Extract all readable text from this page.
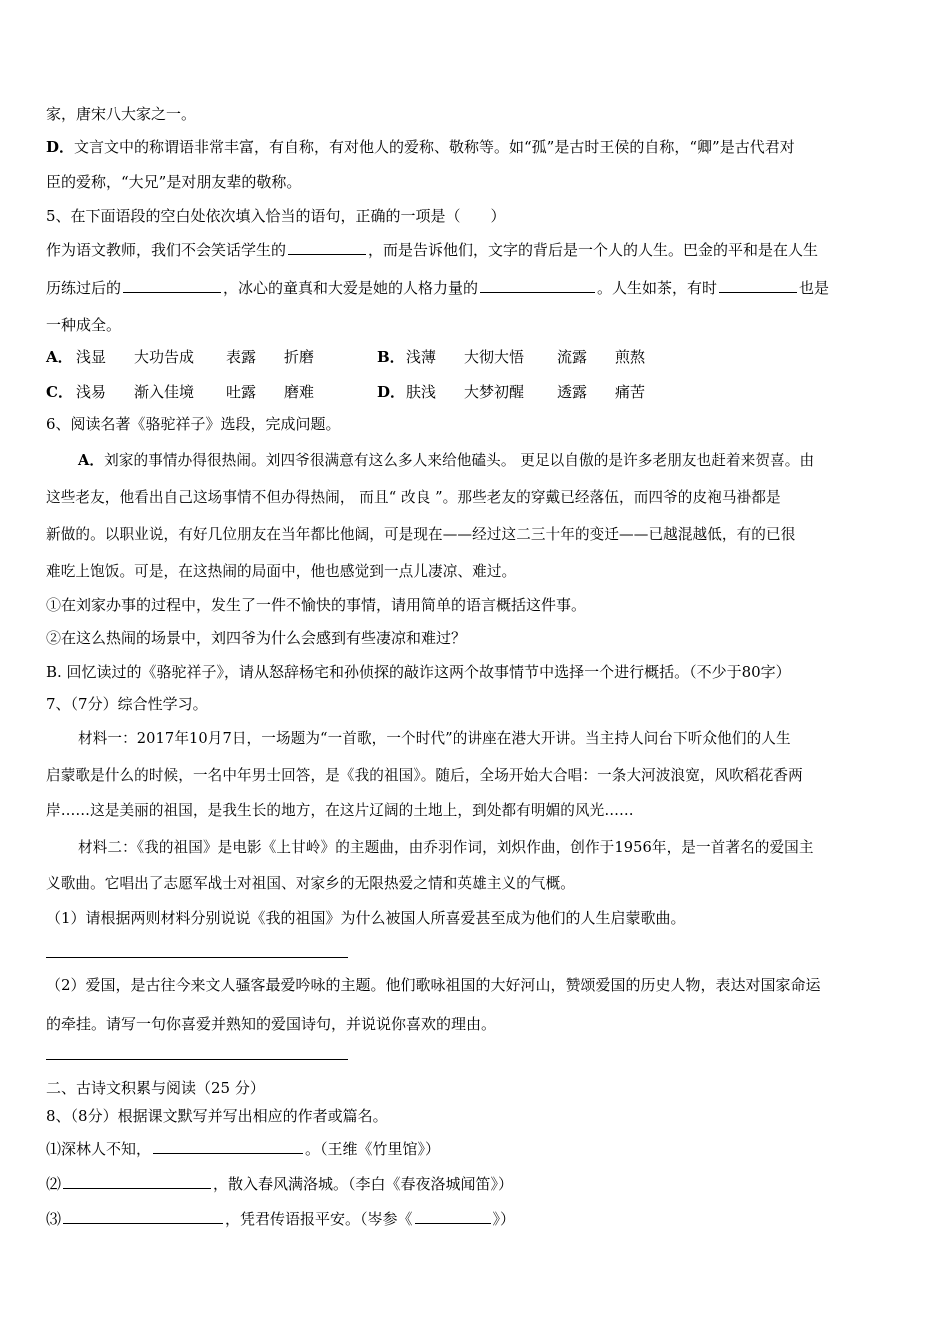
家，唐宋八大家之一。
D．文言文中的称谓语非常丰富，有自称，有对他人的爱称、敬称等。如“孤”是古时王侯的自称，“卿”是古代君对
臣的爱称，“大兄”是对朋友辈的敬称。
5、在下面语段的空白处依次填入恰当的语句，正确的一项是（　　）
作为语文教师，我们不会笑话学生的	，而是告诉他们，文字的背后是一个人的人生。巴金的平和是在人生
历练过后的	，冰心的童真和大爱是她的人格力量的	。人生如茶，有时	也是
一种成全。
A． 浅显 大功告成 表露 折磨	B． 浅薄 大彻大悟 流露 煎熬
C． 浅易 渐入佳境 吐露 磨难	D． 肤浅 大梦初醒 透露 痛苦
6、阅读名著《骆驼祥子》选段，完成问题。
A．刘家的事情办得很热闹。刘四爷很满意有这么多人来给他磕头。 更足以自傲的是许多老朋友也赶着来贺喜。由
这些老友，他看出自己这场事情不但办得热闹， 而且“ 改良 ”。那些老友的穿戴已经落伍，而四爷的皮袍马褂都是
新做的。以职业说，有好几位朋友在当年都比他阔，可是现在——经过这二三十年的变迁——已越混越低，有的已很
难吃上饱饭。可是，在这热闹的局面中，他也感觉到一点儿凄凉、难过。
①在刘家办事的过程中，发生了一件不愉快的事情，请用简单的语言概括这件事。
②在这么热闹的场景中，刘四爷为什么会感到有些凄凉和难过？
B. 回忆读过的《骆驼祥子》，请从怒辞杨宅和孙侦探的敲诈这两个故事情节中选择一个进行概括。（不少于80字）
7、（7分）综合性学习。
材料一：2017年10月7日，一场题为“一首歌，一个时代”的讲座在港大开讲。当主持人问台下听众他们的人生
启蒙歌是什么的时候，一名中年男士回答，是《我的祖国》。随后，全场开始大合唱：一条大河波浪宽，风吹稻花香两
岸……这是美丽的祖国，是我生长的地方，在这片辽阔的土地上，到处都有明媚的风光……
材料二：《我的祖国》是电影《上甘岭》的主题曲，由乔羽作词，刘炽作曲，创作于1956年，是一首著名的爱国主
义歌曲。它唱出了志愿军战士对祖国、对家乡的无限热爱之情和英雄主义的气概。
（1）请根据两则材料分别说说《我的祖国》为什么被国人所喜爱甚至成为他们的人生启蒙歌曲。
（2）爱国，是古往今来文人骚客最爱吟咏的主题。他们歌咏祖国的大好河山，赞颂爱国的历史人物，表达对国家命运
的牵挂。请写一句你喜爱并熟知的爱国诗句，并说说你喜欢的理由。
二、古诗文积累与阅读（25 分）
8、（8分）根据课文默写并写出相应的作者或篇名。
⑴深林人不知，	。（王维《竹里馆》）
⑵	，散入春风满洛城。（李白《春夜洛城闻笛》）
⑶	，凭君传语报平安。（岑参《	》）
